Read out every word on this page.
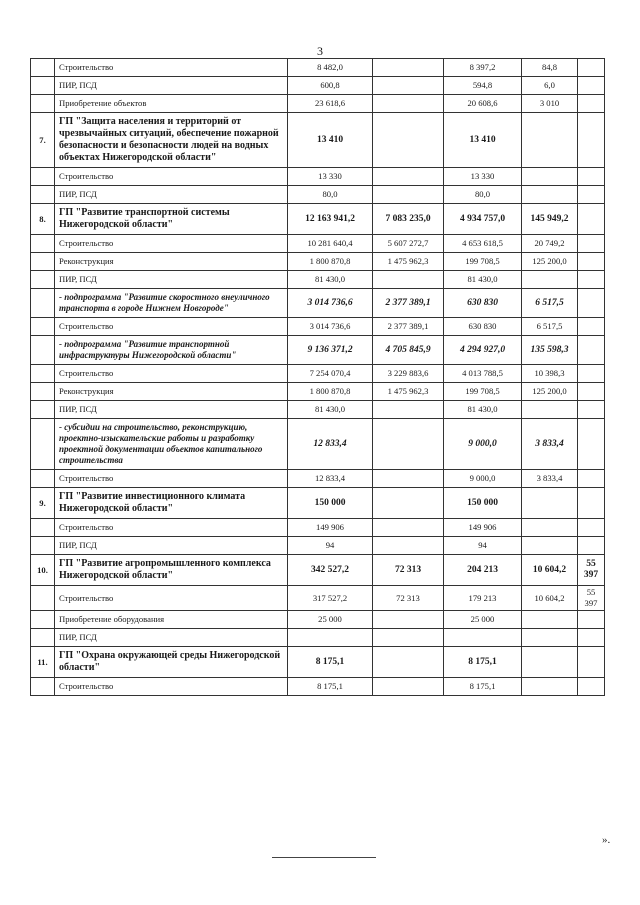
3
	Строительство	8 482,0		8 397,2	84,8	
	ПИР, ПСД	600,8		594,8	6,0	
	Приобретение объектов	23 618,6		20 608,6	3 010	
7.	ГП "Защита населения и территорий от чрезвычайных ситуаций, обеспечение пожарной безопасности и безопасности людей на водных объектах Нижегородской области"	13 410		13 410		
	Строительство	13 330		13 330		
	ПИР, ПСД	80,0		80,0		
8.	ГП "Развитие транспортной системы Нижегородской области"	12 163 941,2	7 083 235,0	4 934 757,0	145 949,2	
	Строительство	10 281 640,4	5 607 272,7	4 653 618,5	20 749,2	
	Реконструкция	1 800 870,8	1 475 962,3	199 708,5	125 200,0	
	ПИР, ПСД	81 430,0		81 430,0		
	- подпрограмма "Развитие скоростного внеуличного транспорта в городе Нижнем Новгороде"	3 014 736,6	2 377 389,1	630 830	6 517,5	
	Строительство	3 014 736,6	2 377 389,1	630 830	6 517,5	
	- подпрограмма "Развитие транспортной инфраструктуры Нижегородской области"	9 136 371,2	4 705 845,9	4 294 927,0	135 598,3	
	Строительство	7 254 070,4	3 229 883,6	4 013 788,5	10 398,3	
	Реконструкция	1 800 870,8	1 475 962,3	199 708,5	125 200,0	
	ПИР, ПСД	81 430,0		81 430,0		
	- субсидии на строительство, реконструкцию, проектно-изыскательские работы и разработку проектной документации объектов капитального строительства	12 833,4		9 000,0	3 833,4	
	Строительство	12 833,4		9 000,0	3 833,4	
9.	ГП "Развитие инвестиционного климата Нижегородской области"	150 000		150 000		
	Строительство	149 906		149 906		
	ПИР, ПСД	94		94		
10.	ГП "Развитие агропромышленного комплекса Нижегородской области"	342 527,2	72 313	204 213	10 604,2	55 397
	Строительство	317 527,2	72 313	179 213	10 604,2	55 397
	Приобретение оборудования	25 000		25 000		
	ПИР, ПСД					
11.	ГП "Охрана окружающей среды Нижегородской области"	8 175,1		8 175,1		
	Строительство	8 175,1		8 175,1		
».
